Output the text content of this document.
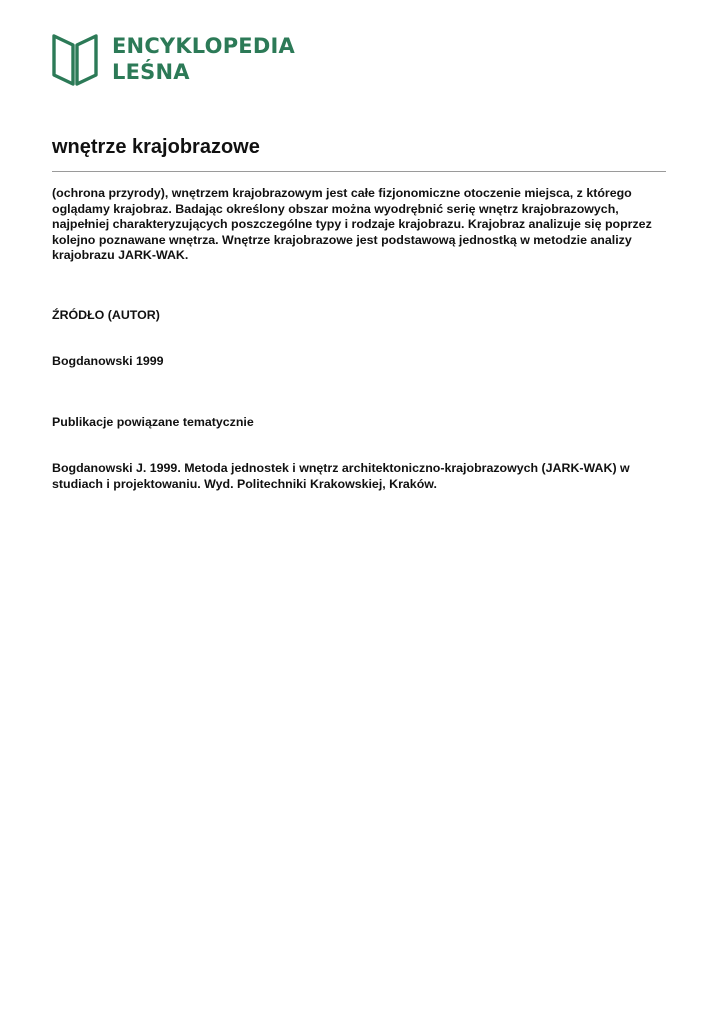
ENCYKLOPEDIA
LEŚNA
wnętrze krajobrazowe

(ochrona przyrody), wnętrzem krajobrazowym jest całe fizjonomiczne otoczenie miejsca, z którego oglądamy krajobraz. Badając określony obszar można wyodrębnić serię wnętrz krajobrazowych, najpełniej charakteryzujących poszczególne typy i rodzaje krajobrazu. Krajobraz analizuje się poprzez kolejno poznawane wnętrza. Wnętrze krajobrazowe jest podstawową jednostką w metodzie analizy krajobrazu JARK-WAK.

ŹRÓDŁO (AUTOR)

Bogdanowski 1999

Publikacje powiązane tematycznie

Bogdanowski J. 1999. Metoda jednostek i wnętrz architektoniczno-krajobrazowych (JARK-WAK) w studiach i projektowaniu. Wyd. Politechniki Krakowskiej, Kraków.
